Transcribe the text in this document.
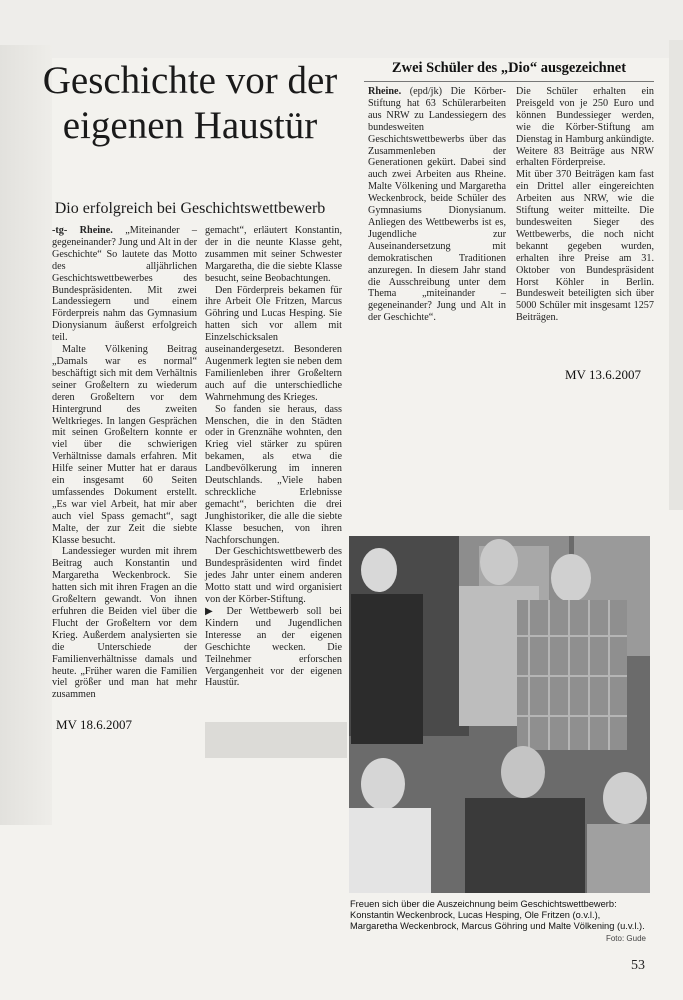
Geschichte vor der eigenen Haustür
Dio erfolgreich bei Geschichtswettbewerb

-tg- Rheine. „Miteinander – gegeneinander? Jung und Alt in der Geschichte“ So lautete das Motto des alljährlichen Geschichtswettbewerbes des Bundespräsidenten. Mit zwei Landessiegern und einem Förderpreis nahm das Gymnasium Dionysianum äußerst erfolgreich teil.

Malte Völkening Beitrag „Damals war es normal“ beschäftigt sich mit dem Verhältnis seiner Großeltern zu wiederum deren Großeltern vor dem Hintergrund des zweiten Weltkrieges. In langen Gesprächen mit seinen Großeltern konnte er viel über die schwierigen Verhältnisse damals erfahren. Mit Hilfe seiner Mutter hat er daraus ein insgesamt 60 Seiten umfassendes Dokument erstellt. „Es war viel Arbeit, hat mir aber auch viel Spass gemacht“, sagt Malte, der zur Zeit die siebte Klasse besucht.

Landessieger wurden mit ihrem Beitrag auch Konstantin und Margaretha Weckenbrock. Sie hatten sich mit ihren Fragen an die Großeltern gewandt. Von ihnen erfuhren die Beiden viel über die Flucht der Großeltern vor dem Krieg. Außerdem analysierten sie die Unterschiede der Familienverhältnisse damals und heute. „Früher waren die Familien viel größer und man hat mehr zusammen

MV 18.6.2007

gemacht“, erläutert Konstantin, der in die neunte Klasse geht, zusammen mit seiner Schwester Margaretha, die die siebte Klasse besucht, seine Beobachtungen.

Den Förderpreis bekamen für ihre Arbeit Ole Fritzen, Marcus Göhring und Lucas Hesping. Sie hatten sich vor allem mit Einzelschicksalen auseinandergesetzt. Besonderen Augenmerk legten sie neben dem Familienleben ihrer Großeltern auch auf die unterschiedliche Wahrnehmung des Krieges.

So fanden sie heraus, dass Menschen, die in den Städten oder in Grenznähe wohnten, den Krieg viel stärker zu spüren bekamen, als etwa die Landbevölkerung im inneren Deutschlands. „Viele haben schreckliche Erlebnisse gemacht“, berichten die drei Junghistoriker, die alle die siebte Klasse besuchen, von ihren Nachforschungen.

Der Geschichtswettbewerb des Bundespräsidenten wird findet jedes Jahr unter einem anderen Motto statt und wird organisiert von der Körber-Stiftung.

▶ Der Wettbewerb soll bei Kindern und Jugendlichen Interesse an der eigenen Geschichte wecken. Die Teilnehmer erforschen Vergangenheit vor der eigenen Haustür.

Zwei Schüler des „Dio“ ausgezeichnet

Rheine. (epd/jk) Die Körber-Stiftung hat 63 Schülerarbeiten aus NRW zu Landessiegern des bundesweiten Geschichtswettbewerbs über das Zusammenleben der Generationen gekürt. Dabei sind auch zwei Arbeiten aus Rheine. Malte Völkening und Margaretha Weckenbrock, beide Schüler des Gymnasiums Dionysianum. Anliegen des Wettbewerbs ist es, Jugendliche zur Auseinandersetzung mit demokratischen Traditionen anzuregen. In diesem Jahr stand die Ausschreibung unter dem Thema „miteinander – gegeneinander? Jung und Alt in der Geschichte“.

Die Schüler erhalten ein Preisgeld von je 250 Euro und können Bundessieger werden, wie die Körber-Stiftung am Dienstag in Hamburg ankündigte. Weitere 83 Beiträge aus NRW erhalten Förderpreise.

Mit über 370 Beiträgen kam fast ein Drittel aller eingereichten Arbeiten aus NRW, wie die Stiftung weiter mitteilte. Die bundesweiten Sieger des Wettbewerbs, die noch nicht bekannt gegeben wurden, erhalten ihre Preise am 31. Oktober von Bundespräsident Horst Köhler in Berlin. Bundesweit beteiligten sich über 5000 Schüler mit insgesamt 1257 Beiträgen.

MV 13.6.2007
Freuen sich über die Auszeichnung beim Geschichtswettbewerb: Konstantin Weckenbrock, Lucas Hesping, Ole Fritzen (o.v.l.), Margaretha Weckenbrock, Marcus Göhring und Malte Völkening (u.v.l.).
Foto: Gude
53
